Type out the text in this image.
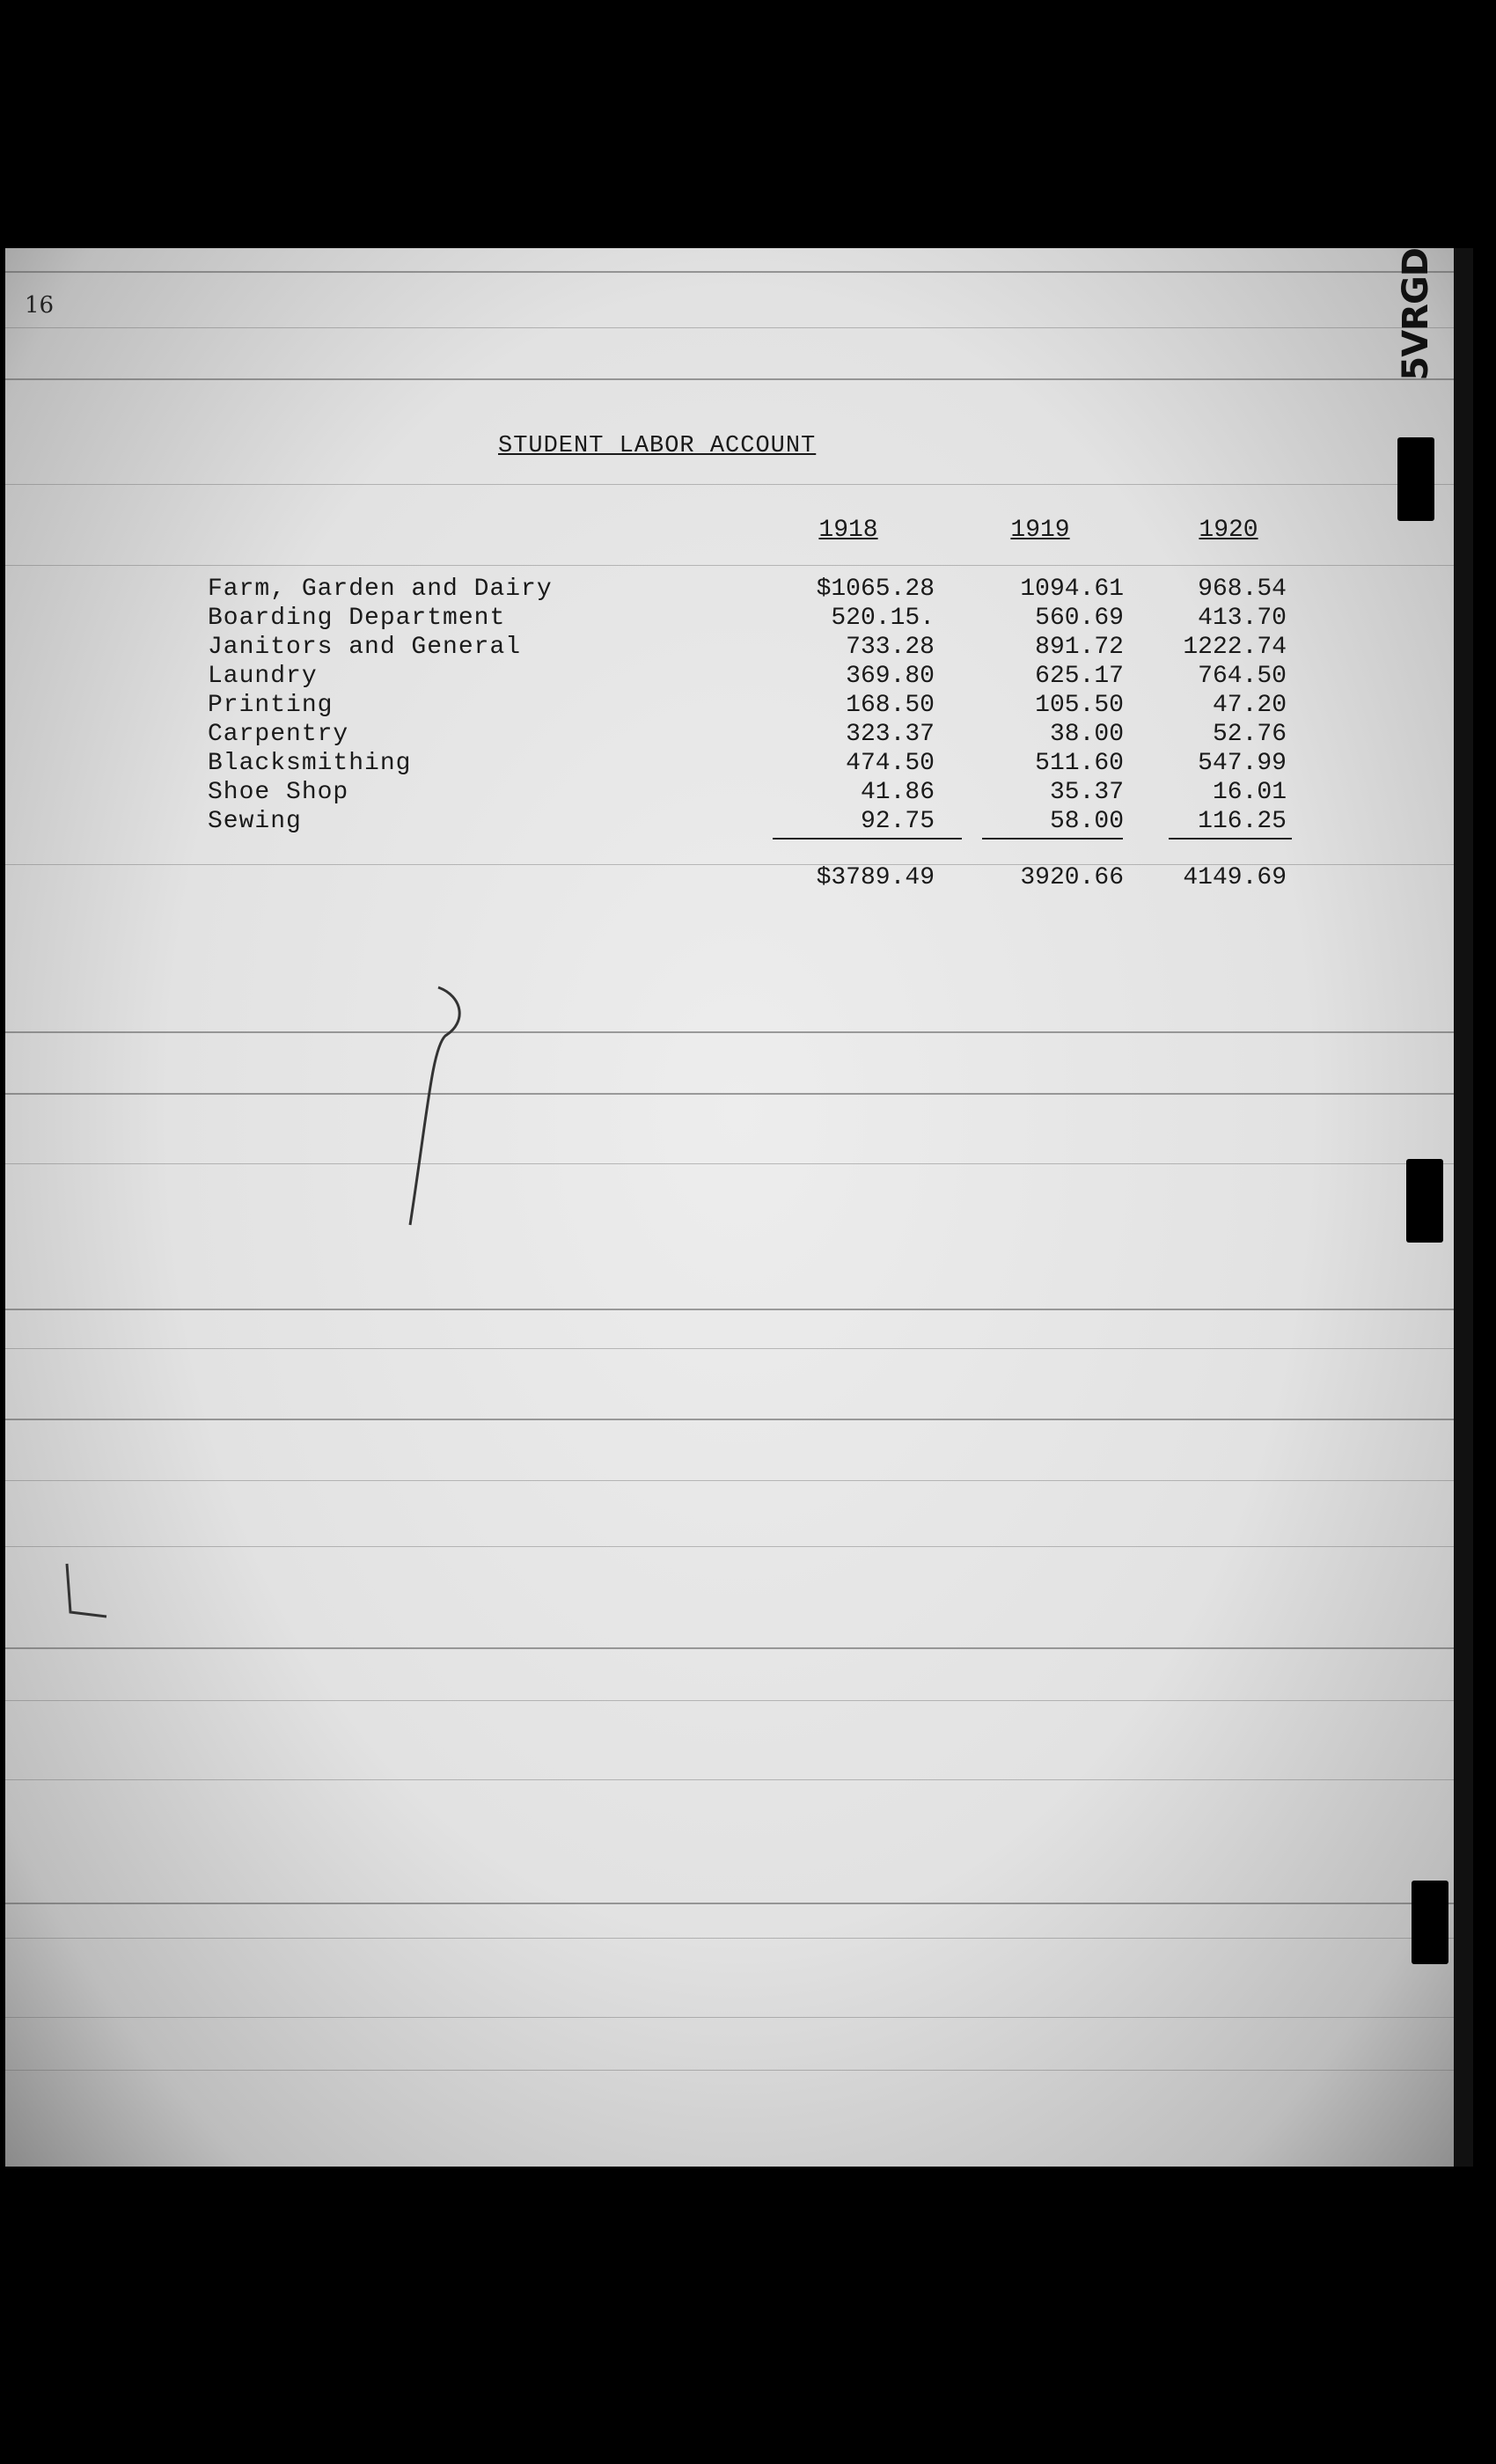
5VRGD
16
STUDENT LABOR ACCOUNT
1918	1919	1920
Farm, Garden and Dairy	$1065.28	1094.61	968.54
Boarding Department	520.15.	560.69	413.70
Janitors and General	733.28	891.72	1222.74
Laundry	369.80	625.17	764.50
Printing	168.50	105.50	47.20
Carpentry	323.37	38.00	52.76
Blacksmithing	474.50	511.60	547.99
Shoe Shop	41.86	35.37	16.01
Sewing	92.75	58.00	116.25
$3789.49	3920.66	4149.69
